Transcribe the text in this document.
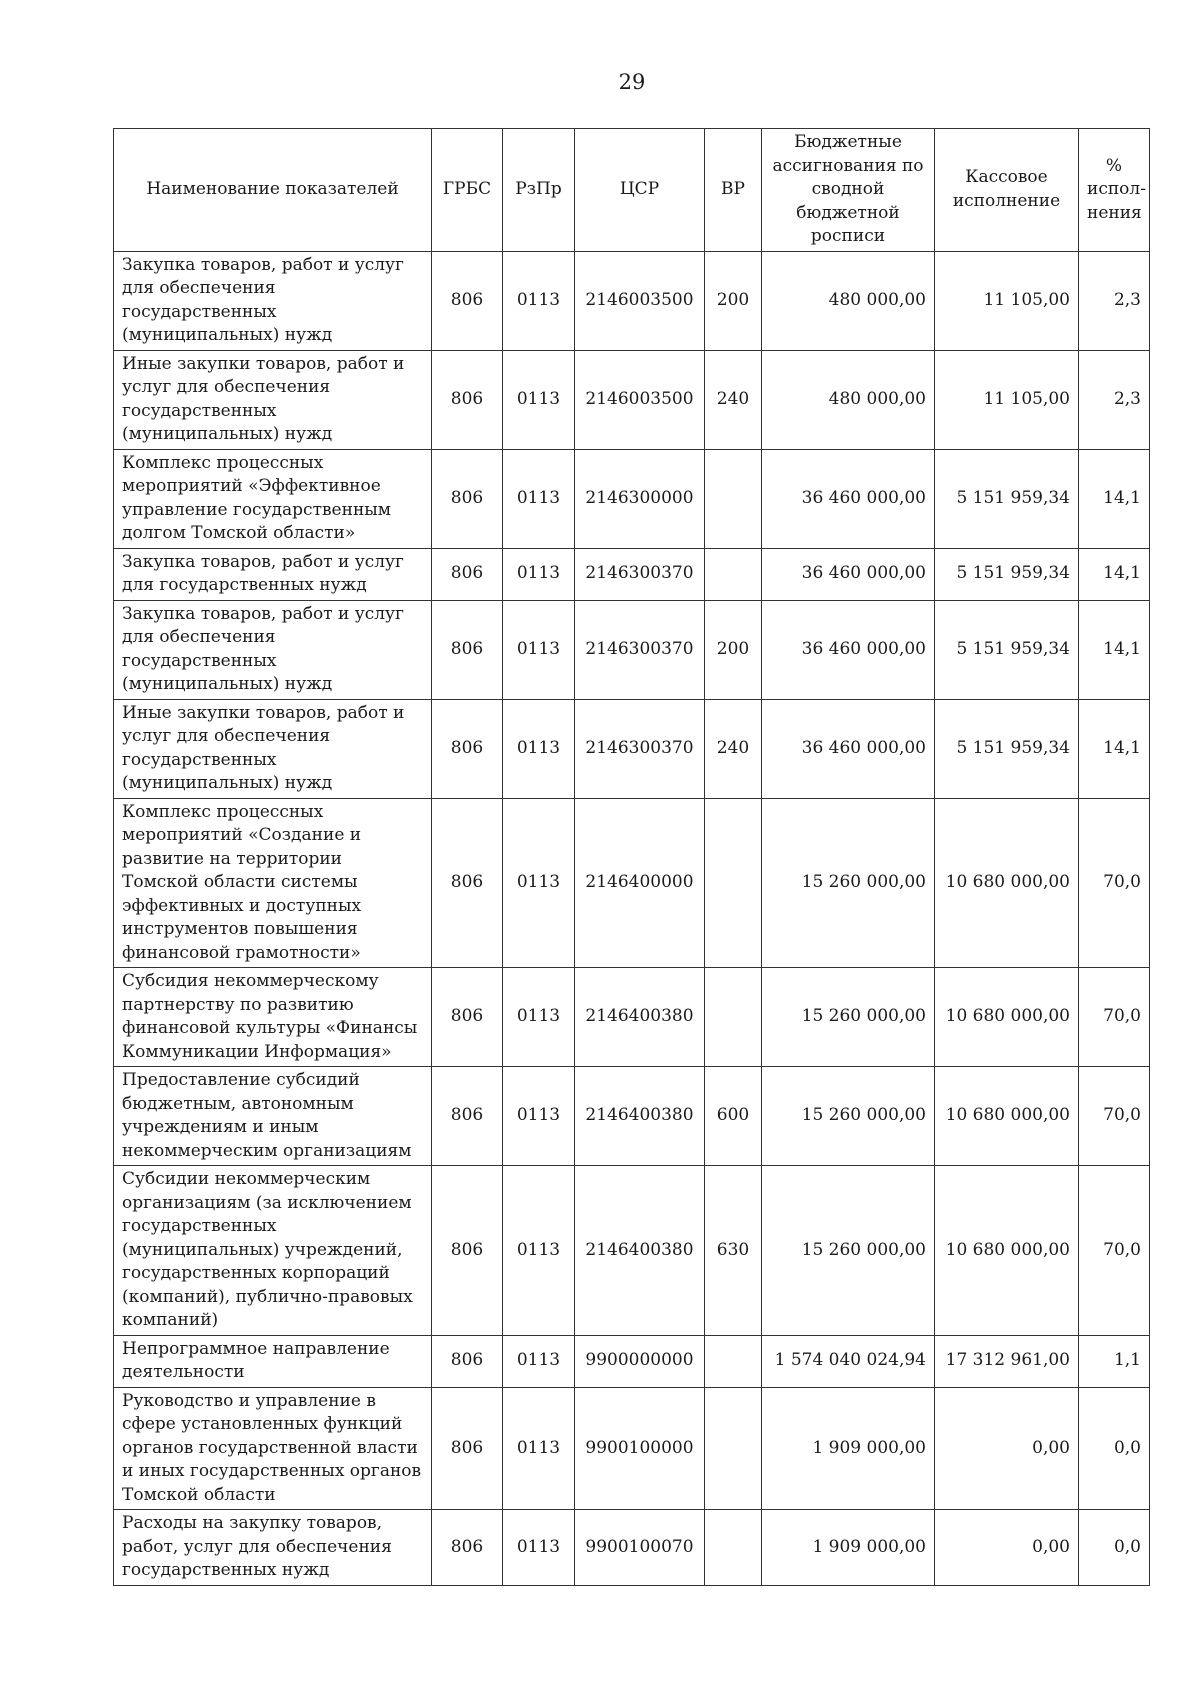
29
Наименование показателей	ГРБС	РзПр	ЦСР	ВР	Бюджетные ассигнования по сводной бюджетной росписи	Кассовое исполнение	% испол-нения
Закупка товаров, работ и услуг для обеспечения государственных (муниципальных) нужд	806	0113	2146003500	200	480 000,00	11 105,00	2,3
Иные закупки товаров, работ и услуг для обеспечения государственных (муниципальных) нужд	806	0113	2146003500	240	480 000,00	11 105,00	2,3
Комплекс процессных мероприятий «Эффективное управление государственным долгом Томской области»	806	0113	2146300000		36 460 000,00	5 151 959,34	14,1
Закупка товаров, работ и услуг для государственных нужд	806	0113	2146300370		36 460 000,00	5 151 959,34	14,1
Закупка товаров, работ и услуг для обеспечения государственных (муниципальных) нужд	806	0113	2146300370	200	36 460 000,00	5 151 959,34	14,1
Иные закупки товаров, работ и услуг для обеспечения государственных (муниципальных) нужд	806	0113	2146300370	240	36 460 000,00	5 151 959,34	14,1
Комплекс процессных мероприятий «Создание и развитие на территории Томской области системы эффективных и доступных инструментов повышения финансовой грамотности»	806	0113	2146400000		15 260 000,00	10 680 000,00	70,0
Субсидия некоммерческому партнерству по развитию финансовой культуры «Финансы Коммуникации Информация»	806	0113	2146400380		15 260 000,00	10 680 000,00	70,0
Предоставление субсидий бюджетным, автономным учреждениям и иным некоммерческим организациям	806	0113	2146400380	600	15 260 000,00	10 680 000,00	70,0
Субсидии некоммерческим организациям (за исключением государственных (муниципальных) учреждений, государственных корпораций (компаний), публично-правовых компаний)	806	0113	2146400380	630	15 260 000,00	10 680 000,00	70,0
Непрограммное направление деятельности	806	0113	9900000000		1 574 040 024,94	17 312 961,00	1,1
Руководство и управление в сфере установленных функций органов государственной власти и иных государственных органов Томской области	806	0113	9900100000		1 909 000,00	0,00	0,0
Расходы на закупку товаров, работ, услуг для обеспечения государственных нужд	806	0113	9900100070		1 909 000,00	0,00	0,0
